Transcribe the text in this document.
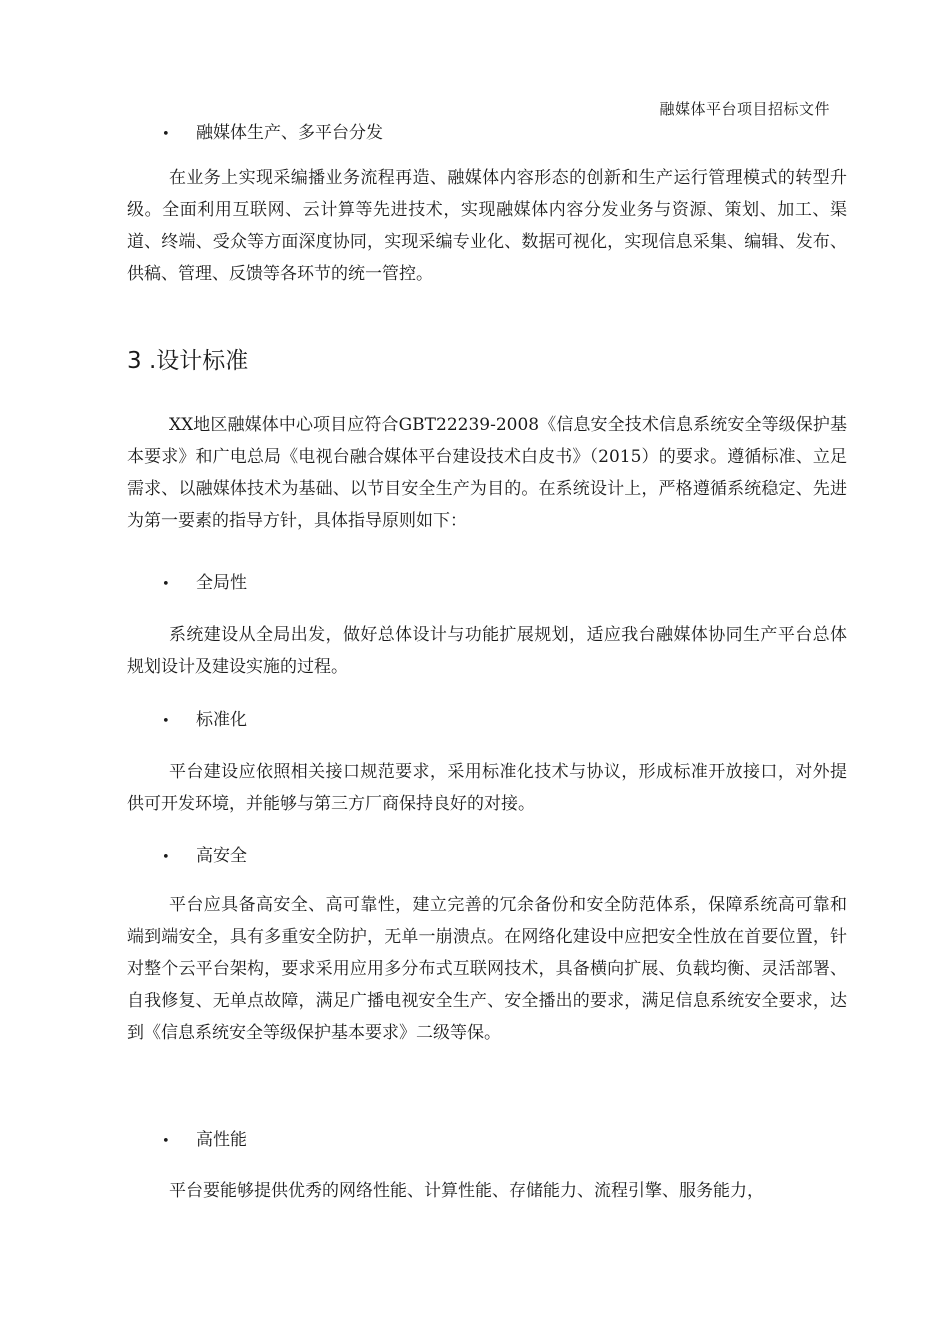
融媒体平台项目招标文件
• 融媒体生产、多平台分发
在业务上实现采编播业务流程再造、融媒体内容形态的创新和生产运行管理模式的转型升级。全面利用互联网、云计算等先进技术，实现融媒体内容分发业务与资源、策划、加工、渠道、终端、受众等方面深度协同，实现采编专业化、数据可视化，实现信息采集、编辑、发布、供稿、管理、反馈等各环节的统一管控。
3 .设计标准
XX地区融媒体中心项目应符合GBT22239-2008《信息安全技术信息系统安全等级保护基本要求》和广电总局《电视台融合媒体平台建设技术白皮书》（2015）的要求。遵循标准、立足需求、以融媒体技术为基础、以节目安全生产为目的。在系统设计上，严格遵循系统稳定、先进为第一要素的指导方针，具体指导原则如下：
• 全局性
系统建设从全局出发，做好总体设计与功能扩展规划，适应我台融媒体协同生产平台总体规划设计及建设实施的过程。
• 标准化
平台建设应依照相关接口规范要求，采用标准化技术与协议，形成标准开放接口，对外提供可开发环境，并能够与第三方厂商保持良好的对接。
• 高安全
平台应具备高安全、高可靠性，建立完善的冗余备份和安全防范体系，保障系统高可靠和端到端安全，具有多重安全防护，无单一崩溃点。在网络化建设中应把安全性放在首要位置，针对整个云平台架构，要求采用应用多分布式互联网技术，具备横向扩展、负载均衡、灵活部署、自我修复、无单点故障，满足广播电视安全生产、安全播出的要求，满足信息系统安全要求，达到《信息系统安全等级保护基本要求》二级等保。
• 高性能
平台要能够提供优秀的网络性能、计算性能、存储能力、流程引擎、服务能力，
